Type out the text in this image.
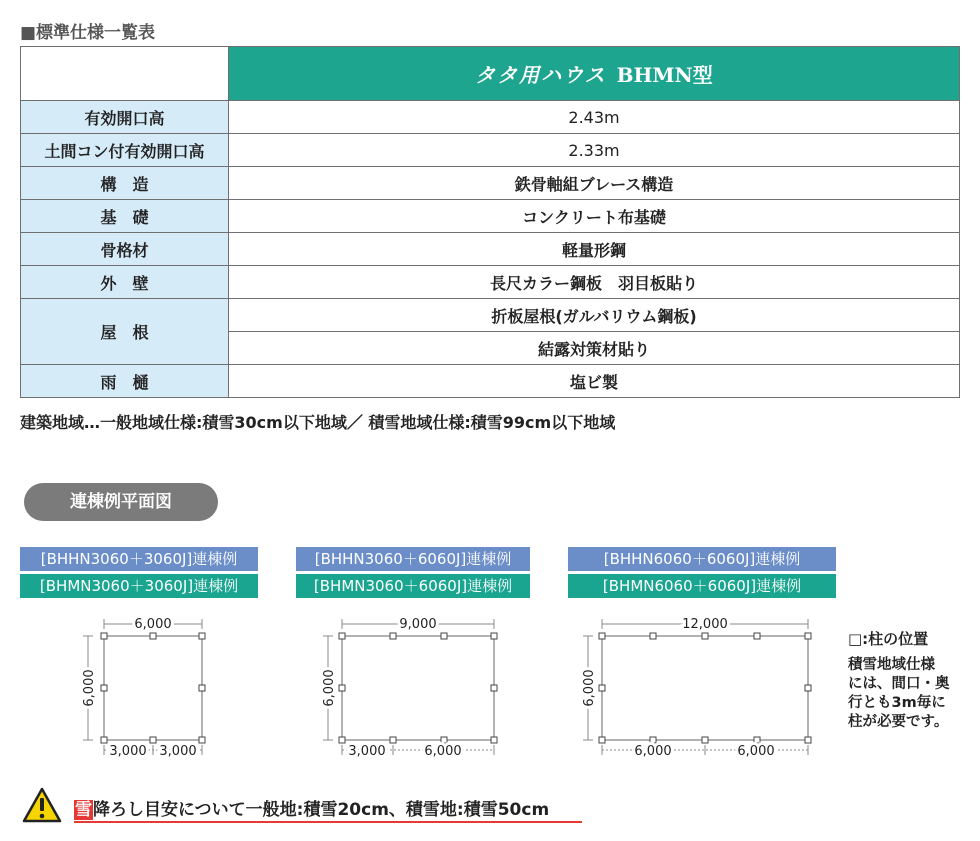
■標準仕様一覧表
	タタ用ハウス BHMN型
有効開口高	2.43m
土間コン付有効開口高	2.33m
構　造	鉄骨軸組ブレース構造
基　礎	コンクリート布基礎
骨格材	軽量形鋼
外　壁	長尺カラー鋼板　羽目板貼り
屋　根	折板屋根(ガルバリウム鋼板)
	結露対策材貼り
雨　樋	塩ビ製
建築地域…一般地域仕様:積雪30cm以下地域／ 積雪地域仕様:積雪99cm以下地域
連棟例平面図
[BHHN3060＋3060J]連棟例
[BHMN3060＋3060J]連棟例
[BHHN3060＋6060J]連棟例
[BHMN3060＋6060J]連棟例
[BHHN6060＋6060J]連棟例
[BHMN6060＋6060J]連棟例
6,000
6,000
3,000 3,000
9,000
6,000
3,000	6,000
12,000
6,000
6,000	6,000
□:柱の位置
積雪地域仕様
には、間口・奥
行とも3m毎に
柱が必要です。
雪降ろし目安について一般地:積雪20cm、積雪地:積雪50cm
